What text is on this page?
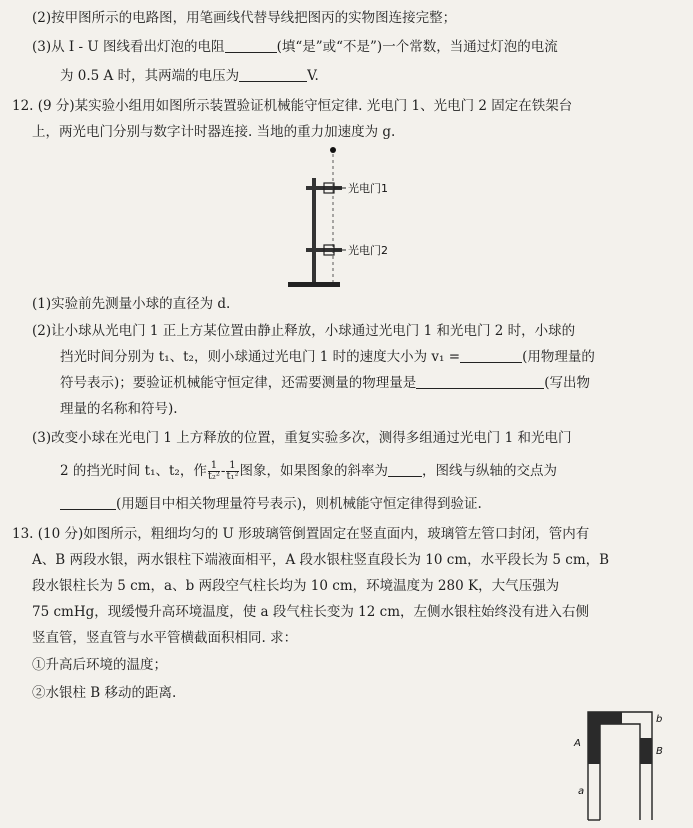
(2)按甲图所示的电路图，用笔画线代替导线把图丙的实物图连接完整；
(3)从 I - U 图线看出灯泡的电阻	(填“是”或“不是”)一个常数，当通过灯泡的电流
为 0.5 A 时，其两端的电压为	V.
12. (9 分)某实验小组用如图所示装置验证机械能守恒定律. 光电门 1、光电门 2 固定在铁架台
上，两光电门分别与数字计时器连接. 当地的重力加速度为 g.
光电门1
光电门2
(1)实验前先测量小球的直径为 d.
(2)让小球从光电门 1 正上方某位置由静止释放，小球通过光电门 1 和光电门 2 时，小球的
挡光时间分别为 t₁、t₂，则小球通过光电门 1 时的速度大小为 v₁ =	(用物理量的
符号表示)；要验证机械能守恒定律，还需要测量的物理量是	(写出物
理量的名称和符号).
(3)改变小球在光电门 1 上方释放的位置，重复实验多次，测得多组通过光电门 1 和光电门
2 的挡光时间 t₁、t₂，作 $\frac{1}{\text{t₂²}} - \frac{1}{\text{t₁²}}$ 图象，如果图象的斜率为	，图线与纵轴的交点为
(用题目中相关物理量符号表示)，则机械能守恒定律得到验证.
13. (10 分)如图所示，粗细均匀的 U 形玻璃管倒置固定在竖直面内，玻璃管左管口封闭，管内有
A、B 两段水银，两水银柱下端液面相平，A 段水银柱竖直段长为 10 cm，水平段长为 5 cm，B
段水银柱长为 5 cm，a、b 两段空气柱长均为 10 cm，环境温度为 280 K，大气压强为
75 cmHg，现缓慢升高环境温度，使 a 段气柱长变为 12 cm，左侧水银柱始终没有进入右侧
竖直管，竖直管与水平管横截面积相同. 求：
①升高后环境的温度；
②水银柱 B 移动的距离.
A
B
a
b
